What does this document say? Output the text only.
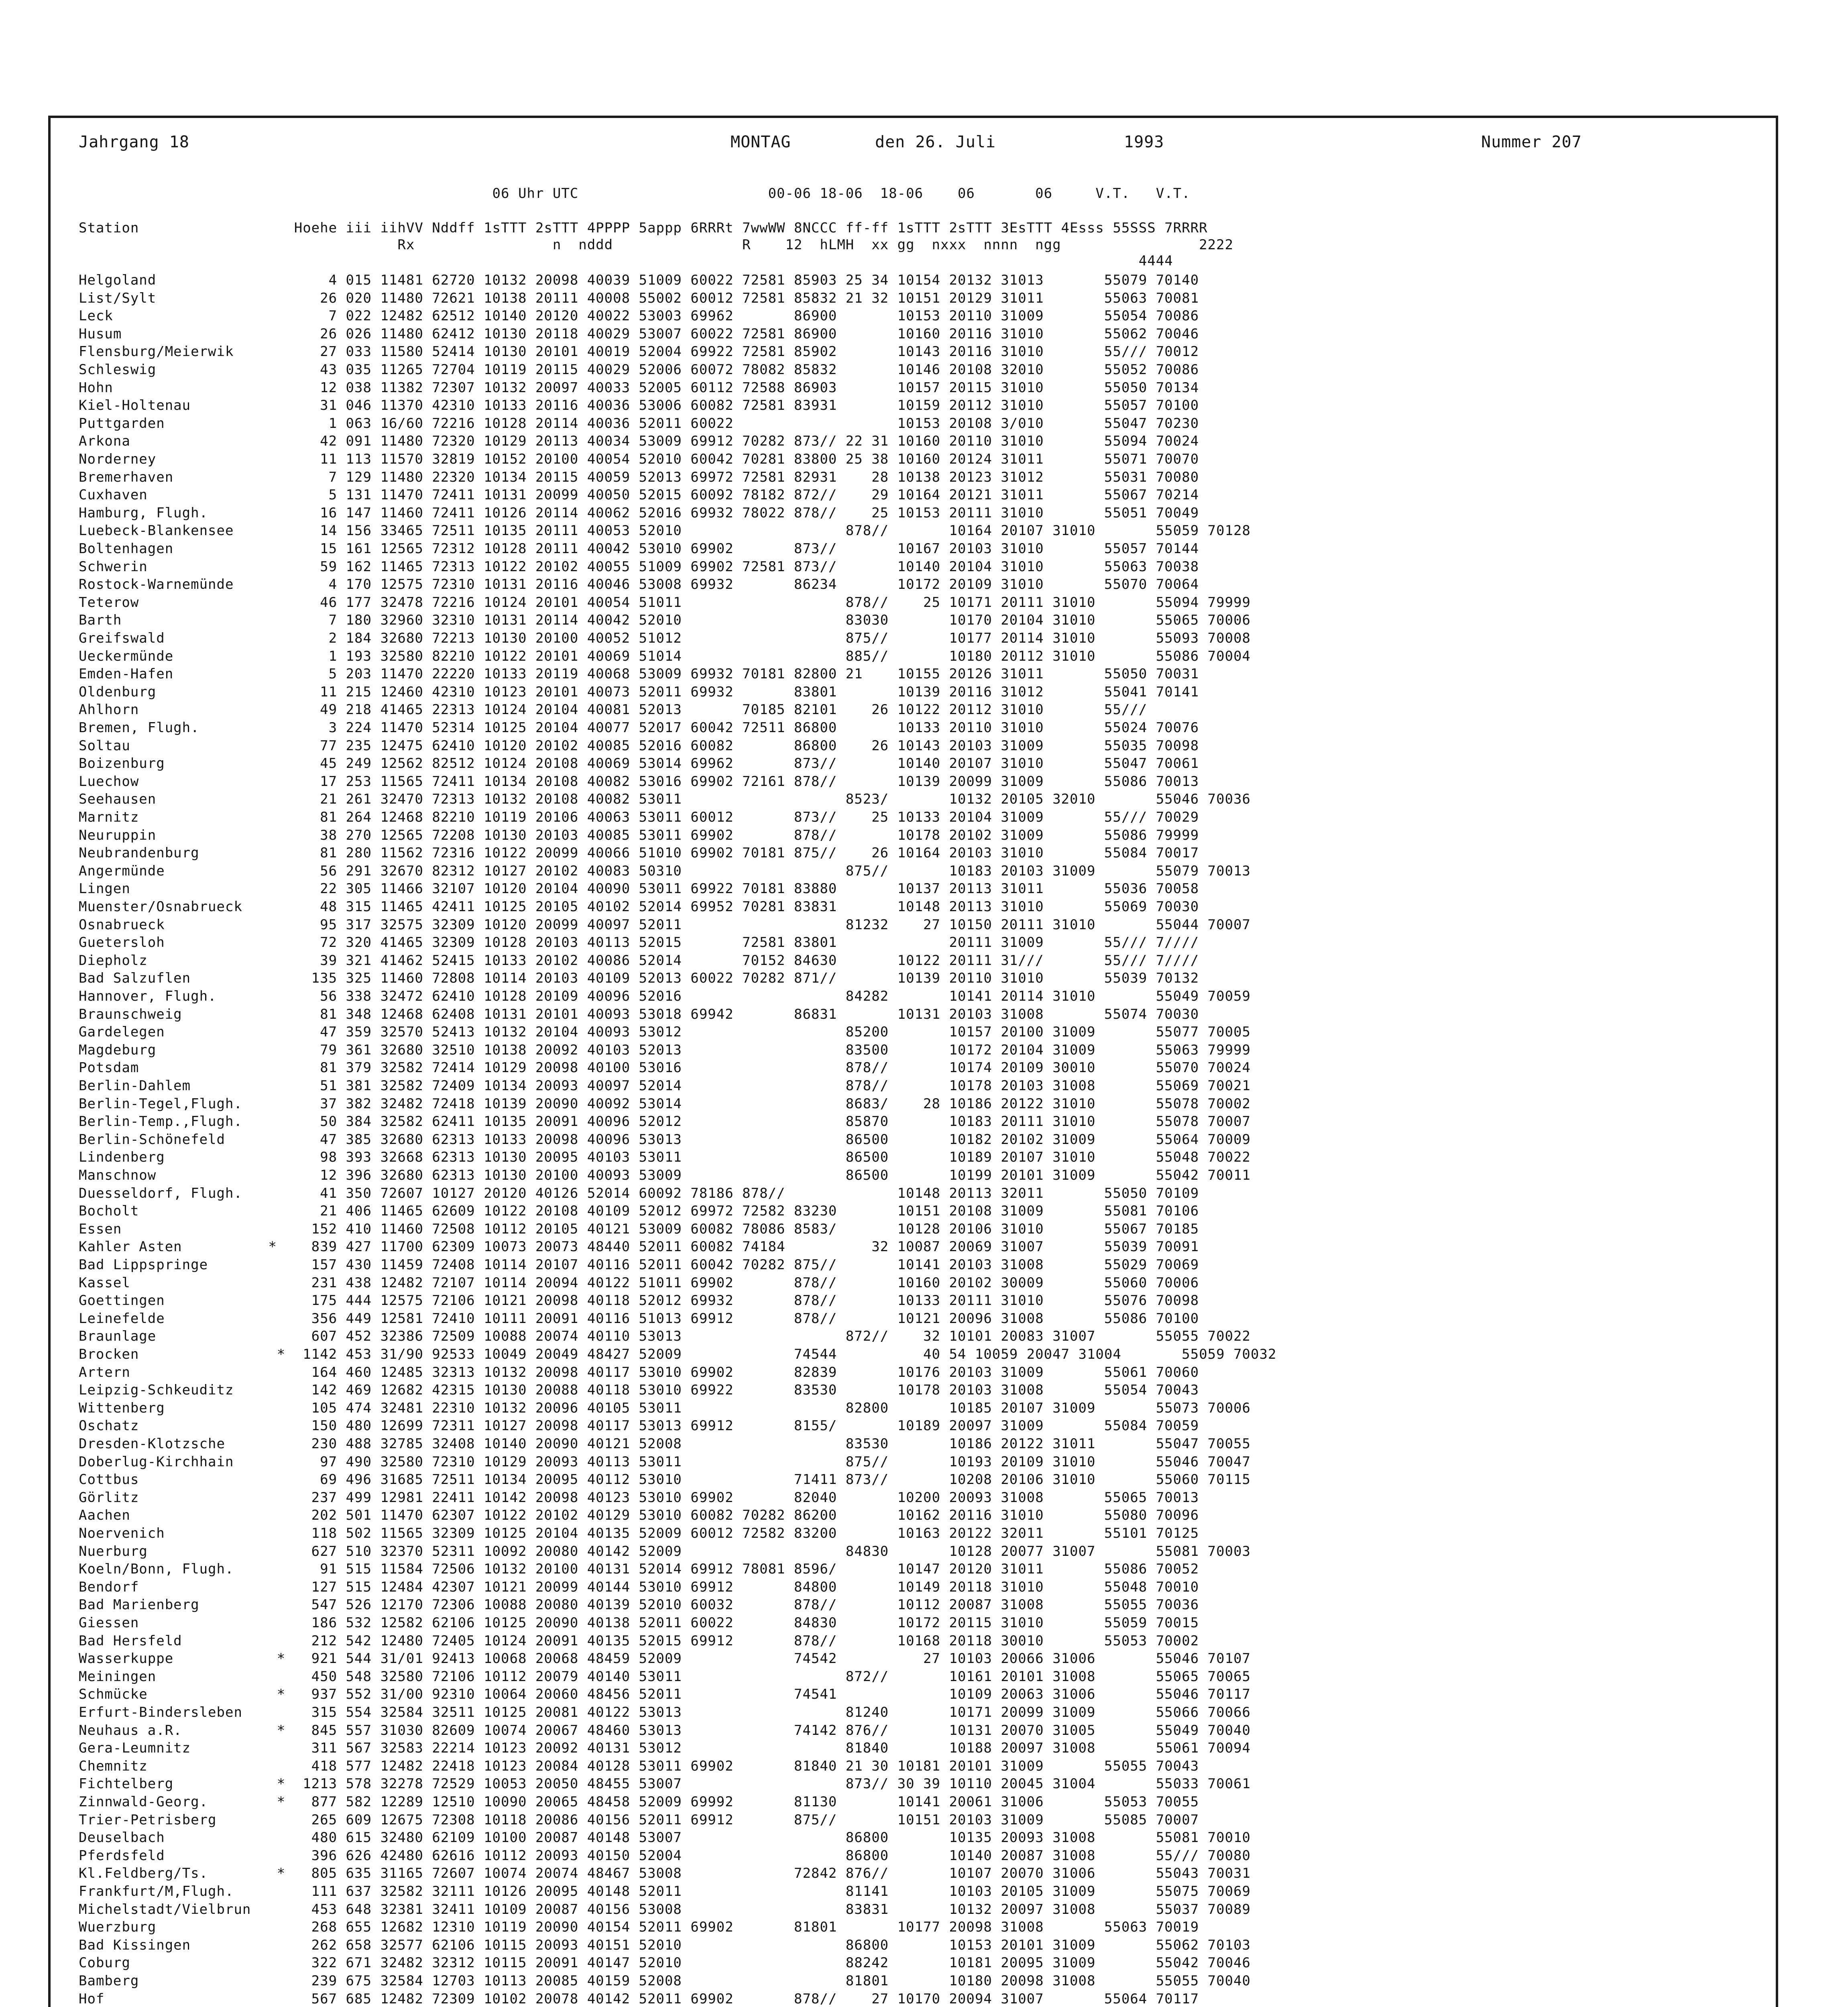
Jahrgang 18	MONTAG	den 26. Juli	1993	Nummer 207
06 Uhr UTC                      00-06 18-06  18-06    06       06     V.T.   V.T.

Station                  Hoehe iii iihVV Nddff 1sTTT 2sTTT 4PPPP 5appp 6RRRt 7wwWW 8NCCC ff-ff 1sTTT 2sTTT 3EsTTT 4Esss 55SSS 7RRRR
Rx                n  nddd               R    12  hLMH  xx gg  nxxx  nnnn  ngg                2222
4444
Helgoland                    4 015 11481 62720 10132 20098 40039 51009 60022 72581 85903 25 34 10154 20132 31013       55079 70140
List/Sylt                   26 020 11480 72621 10138 20111 40008 55002 60012 72581 85832 21 32 10151 20129 31011       55063 70081
Leck                         7 022 12482 62512 10140 20120 40022 53003 69962       86900       10153 20110 31009       55054 70086
Husum                       26 026 11480 62412 10130 20118 40029 53007 60022 72581 86900       10160 20116 31010       55062 70046
Flensburg/Meierwik          27 033 11580 52414 10130 20101 40019 52004 69922 72581 85902       10143 20116 31010       55/// 70012
Schleswig                   43 035 11265 72704 10119 20115 40029 52006 60072 78082 85832       10146 20108 32010       55052 70086
Hohn                        12 038 11382 72307 10132 20097 40033 52005 60112 72588 86903       10157 20115 31010       55050 70134
Kiel-Holtenau               31 046 11370 42310 10133 20116 40036 53006 60082 72581 83931       10159 20112 31010       55057 70100
Puttgarden                   1 063 16/60 72216 10128 20114 40036 52011 60022                   10153 20108 3/010       55047 70230
Arkona                      42 091 11480 72320 10129 20113 40034 53009 69912 70282 873// 22 31 10160 20110 31010       55094 70024
Norderney                   11 113 11570 32819 10152 20100 40054 52010 60042 70281 83800 25 38 10160 20124 31011       55071 70070
Bremerhaven                  7 129 11480 22320 10134 20115 40059 52013 69972 72581 82931    28 10138 20123 31012       55031 70080
Cuxhaven                     5 131 11470 72411 10131 20099 40050 52015 60092 78182 872//    29 10164 20121 31011       55067 70214
Hamburg, Flugh.             16 147 11460 72411 10126 20114 40062 52016 69932 78022 878//    25 10153 20111 31010       55051 70049
Luebeck-Blankensee          14 156 33465 72511 10135 20111 40053 52010                   878//       10164 20107 31010       55059 70128
Boltenhagen                 15 161 12565 72312 10128 20111 40042 53010 69902       873//       10167 20103 31010       55057 70144
Schwerin                    59 162 11465 72313 10122 20102 40055 51009 69902 72581 873//       10140 20104 31010       55063 70038
Rostock-Warnemünde           4 170 12575 72310 10131 20116 40046 53008 69932       86234       10172 20109 31010       55070 70064
Teterow                     46 177 32478 72216 10124 20101 40054 51011                   878//    25 10171 20111 31010       55094 79999
Barth                        7 180 32960 32310 10131 20114 40042 52010                   83030       10170 20104 31010       55065 70006
Greifswald                   2 184 32680 72213 10130 20100 40052 51012                   875//       10177 20114 31010       55093 70008
Ueckermünde                  1 193 32580 82210 10122 20101 40069 51014                   885//       10180 20112 31010       55086 70004
Emden-Hafen                  5 203 11470 22220 10133 20119 40068 53009 69932 70181 82800 21    10155 20126 31011       55050 70031
Oldenburg                   11 215 12460 42310 10123 20101 40073 52011 69932       83801       10139 20116 31012       55041 70141
Ahlhorn                     49 218 41465 22313 10124 20104 40081 52013       70185 82101    26 10122 20112 31010       55///
Bremen, Flugh.               3 224 11470 52314 10125 20104 40077 52017 60042 72511 86800       10133 20110 31010       55024 70076
Soltau                      77 235 12475 62410 10120 20102 40085 52016 60082       86800    26 10143 20103 31009       55035 70098
Boizenburg                  45 249 12562 82512 10124 20108 40069 53014 69962       873//       10140 20107 31010       55047 70061
Luechow                     17 253 11565 72411 10134 20108 40082 53016 69902 72161 878//       10139 20099 31009       55086 70013
Seehausen                   21 261 32470 72313 10132 20108 40082 53011                   8523/       10132 20105 32010       55046 70036
Marnitz                     81 264 12468 82210 10119 20106 40063 53011 60012       873//    25 10133 20104 31009       55/// 70029
Neuruppin                   38 270 12565 72208 10130 20103 40085 53011 69902       878//       10178 20102 31009       55086 79999
Neubrandenburg              81 280 11562 72316 10122 20099 40066 51010 69902 70181 875//    26 10164 20103 31010       55084 70017
Angermünde                  56 291 32670 82312 10127 20102 40083 50310                   875//       10183 20103 31009       55079 70013
Lingen                      22 305 11466 32107 10120 20104 40090 53011 69922 70181 83880       10137 20113 31011       55036 70058
Muenster/Osnabrueck         48 315 11465 42411 10125 20105 40102 52014 69952 70281 83831       10148 20113 31010       55069 70030
Osnabrueck                  95 317 32575 32309 10120 20099 40097 52011                   81232    27 10150 20111 31010       55044 70007
Guetersloh                  72 320 41465 32309 10128 20103 40113 52015       72581 83801             20111 31009       55/// 7////
Diepholz                    39 321 41462 52415 10133 20102 40086 52014       70152 84630       10122 20111 31///       55/// 7////
Bad Salzuflen              135 325 11460 72808 10114 20103 40109 52013 60022 70282 871//       10139 20110 31010       55039 70132
Hannover, Flugh.            56 338 32472 62410 10128 20109 40096 52016                   84282       10141 20114 31010       55049 70059
Braunschweig                81 348 12468 62408 10131 20101 40093 53018 69942       86831       10131 20103 31008       55074 70030
Gardelegen                  47 359 32570 52413 10132 20104 40093 53012                   85200       10157 20100 31009       55077 70005
Magdeburg                   79 361 32680 32510 10138 20092 40103 52013                   83500       10172 20104 31009       55063 79999
Potsdam                     81 379 32582 72414 10129 20098 40100 53016                   878//       10174 20109 30010       55070 70024
Berlin-Dahlem               51 381 32582 72409 10134 20093 40097 52014                   878//       10178 20103 31008       55069 70021
Berlin-Tegel,Flugh.         37 382 32482 72418 10139 20090 40092 53014                   8683/    28 10186 20122 31010       55078 70002
Berlin-Temp.,Flugh.         50 384 32582 62411 10135 20091 40096 52012                   85870       10183 20111 31010       55078 70007
Berlin-Schönefeld           47 385 32680 62313 10133 20098 40096 53013                   86500       10182 20102 31009       55064 70009
Lindenberg                  98 393 32668 62313 10130 20095 40103 53011                   86500       10189 20107 31010       55048 70022
Manschnow                   12 396 32680 62313 10130 20100 40093 53009                   86500       10199 20101 31009       55042 70011
Duesseldorf, Flugh.         41 350 72607 10127 20120 40126 52014 60092 78186 878//             10148 20113 32011       55050 70109
Bocholt                     21 406 11465 62609 10122 20108 40109 52012 69972 72582 83230       10151 20108 31009       55081 70106
Essen                      152 410 11460 72508 10112 20105 40121 53009 60082 78086 8583/       10128 20106 31010       55067 70185
Kahler Asten          *    839 427 11700 62309 10073 20073 48440 52011 60082 74184          32 10087 20069 31007       55039 70091
Bad Lippspringe            157 430 11459 72408 10114 20107 40116 52011 60042 70282 875//       10141 20103 31008       55029 70069
Kassel                     231 438 12482 72107 10114 20094 40122 51011 69902       878//       10160 20102 30009       55060 70006
Goettingen                 175 444 12575 72106 10121 20098 40118 52012 69932       878//       10133 20111 31010       55076 70098
Leinefelde                 356 449 12581 72410 10111 20091 40116 51013 69912       878//       10121 20096 31008       55086 70100
Braunlage                  607 452 32386 72509 10088 20074 40110 53013                   872//    32 10101 20083 31007       55055 70022
Brocken                *  1142 453 31/90 92533 10049 20049 48427 52009             74544          40 54 10059 20047 31004       55059 70032
Artern                     164 460 12485 32313 10132 20098 40117 53010 69902       82839       10176 20103 31009       55061 70060
Leipzig-Schkeuditz         142 469 12682 42315 10130 20088 40118 53010 69922       83530       10178 20103 31008       55054 70043
Wittenberg                 105 474 32481 22310 10132 20096 40105 53011                   82800       10185 20107 31009       55073 70006
Oschatz                    150 480 12699 72311 10127 20098 40117 53013 69912       8155/       10189 20097 31009       55084 70059
Dresden-Klotzsche          230 488 32785 32408 10140 20090 40121 52008                   83530       10186 20122 31011       55047 70055
Doberlug-Kirchhain          97 490 32580 72310 10129 20093 40113 53011                   875//       10193 20109 31010       55046 70047
Cottbus                     69 496 31685 72511 10134 20095 40112 53010             71411 873//       10208 20106 31010       55060 70115
Görlitz                    237 499 12981 22411 10142 20098 40123 53010 69902       82040       10200 20093 31008       55065 70013
Aachen                     202 501 11470 62307 10122 20102 40129 53010 60082 70282 86200       10162 20116 31010       55080 70096
Noervenich                 118 502 11565 32309 10125 20104 40135 52009 60012 72582 83200       10163 20122 32011       55101 70125
Nuerburg                   627 510 32370 52311 10092 20080 40142 52009                   84830       10128 20077 31007       55081 70003
Koeln/Bonn, Flugh.          91 515 11584 72506 10132 20100 40131 52014 69912 78081 8596/       10147 20120 31011       55086 70052
Bendorf                    127 515 12484 42307 10121 20099 40144 53010 69912       84800       10149 20118 31010       55048 70010
Bad Marienberg             547 526 12170 72306 10088 20080 40139 52010 60032       878//       10112 20087 31008       55055 70036
Giessen                    186 532 12582 62106 10125 20090 40138 52011 60022       84830       10172 20115 31010       55059 70015
Bad Hersfeld               212 542 12480 72405 10124 20091 40135 52015 69912       878//       10168 20118 30010       55053 70002
Wasserkuppe            *   921 544 31/01 92413 10068 20068 48459 52009             74542          27 10103 20066 31006       55046 70107
Meiningen                  450 548 32580 72106 10112 20079 40140 53011                   872//       10161 20101 31008       55065 70065
Schmücke               *   937 552 31/00 92310 10064 20060 48456 52011             74541             10109 20063 31006       55046 70117
Erfurt-Bindersleben        315 554 32584 32511 10125 20081 40122 53013                   81240       10171 20099 31009       55066 70066
Neuhaus a.R.           *   845 557 31030 82609 10074 20067 48460 53013             74142 876//       10131 20070 31005       55049 70040
Gera-Leumnitz              311 567 32583 22214 10123 20092 40131 53012                   81840       10188 20097 31008       55061 70094
Chemnitz                   418 577 12482 22418 10123 20084 40128 53011 69902       81840 21 30 10181 20101 31009       55055 70043
Fichtelberg            *  1213 578 32278 72529 10053 20050 48455 53007                   873// 30 39 10110 20045 31004       55033 70061
Zinnwald-Georg.        *   877 582 12289 12510 10090 20065 48458 52009 69992       81130       10141 20061 31006       55053 70055
Trier-Petrisberg           265 609 12675 72308 10118 20086 40156 52011 69912       875//       10151 20103 31009       55085 70007
Deuselbach                 480 615 32480 62109 10100 20087 40148 53007                   86800       10135 20093 31008       55081 70010
Pferdsfeld                 396 626 42480 62616 10112 20093 40150 52004                   86800       10140 20087 31008       55/// 70080
Kl.Feldberg/Ts.        *   805 635 31165 72607 10074 20074 48467 53008             72842 876//       10107 20070 31006       55043 70031
Frankfurt/M,Flugh.         111 637 32582 32111 10126 20095 40148 52011                   81141       10103 20105 31009       55075 70069
Michelstadt/Vielbrun       453 648 32381 32411 10109 20087 40156 53008                   83831       10132 20097 31008       55037 70089
Wuerzburg                  268 655 12682 12310 10119 20090 40154 52011 69902       81801       10177 20098 31008       55063 70019
Bad Kissingen              262 658 32577 62106 10115 20093 40151 52010                   86800       10153 20101 31009       55062 70103
Coburg                     322 671 32482 32312 10115 20091 40147 52010                   88242       10181 20095 31009       55042 70046
Bamberg                    239 675 32584 12703 10113 20085 40159 52008                   81801       10180 20098 31008       55055 70040
Hof                        567 685 12482 72309 10102 20078 40142 52011 69902       878//    27 10170 20094 31007       55064 70117
